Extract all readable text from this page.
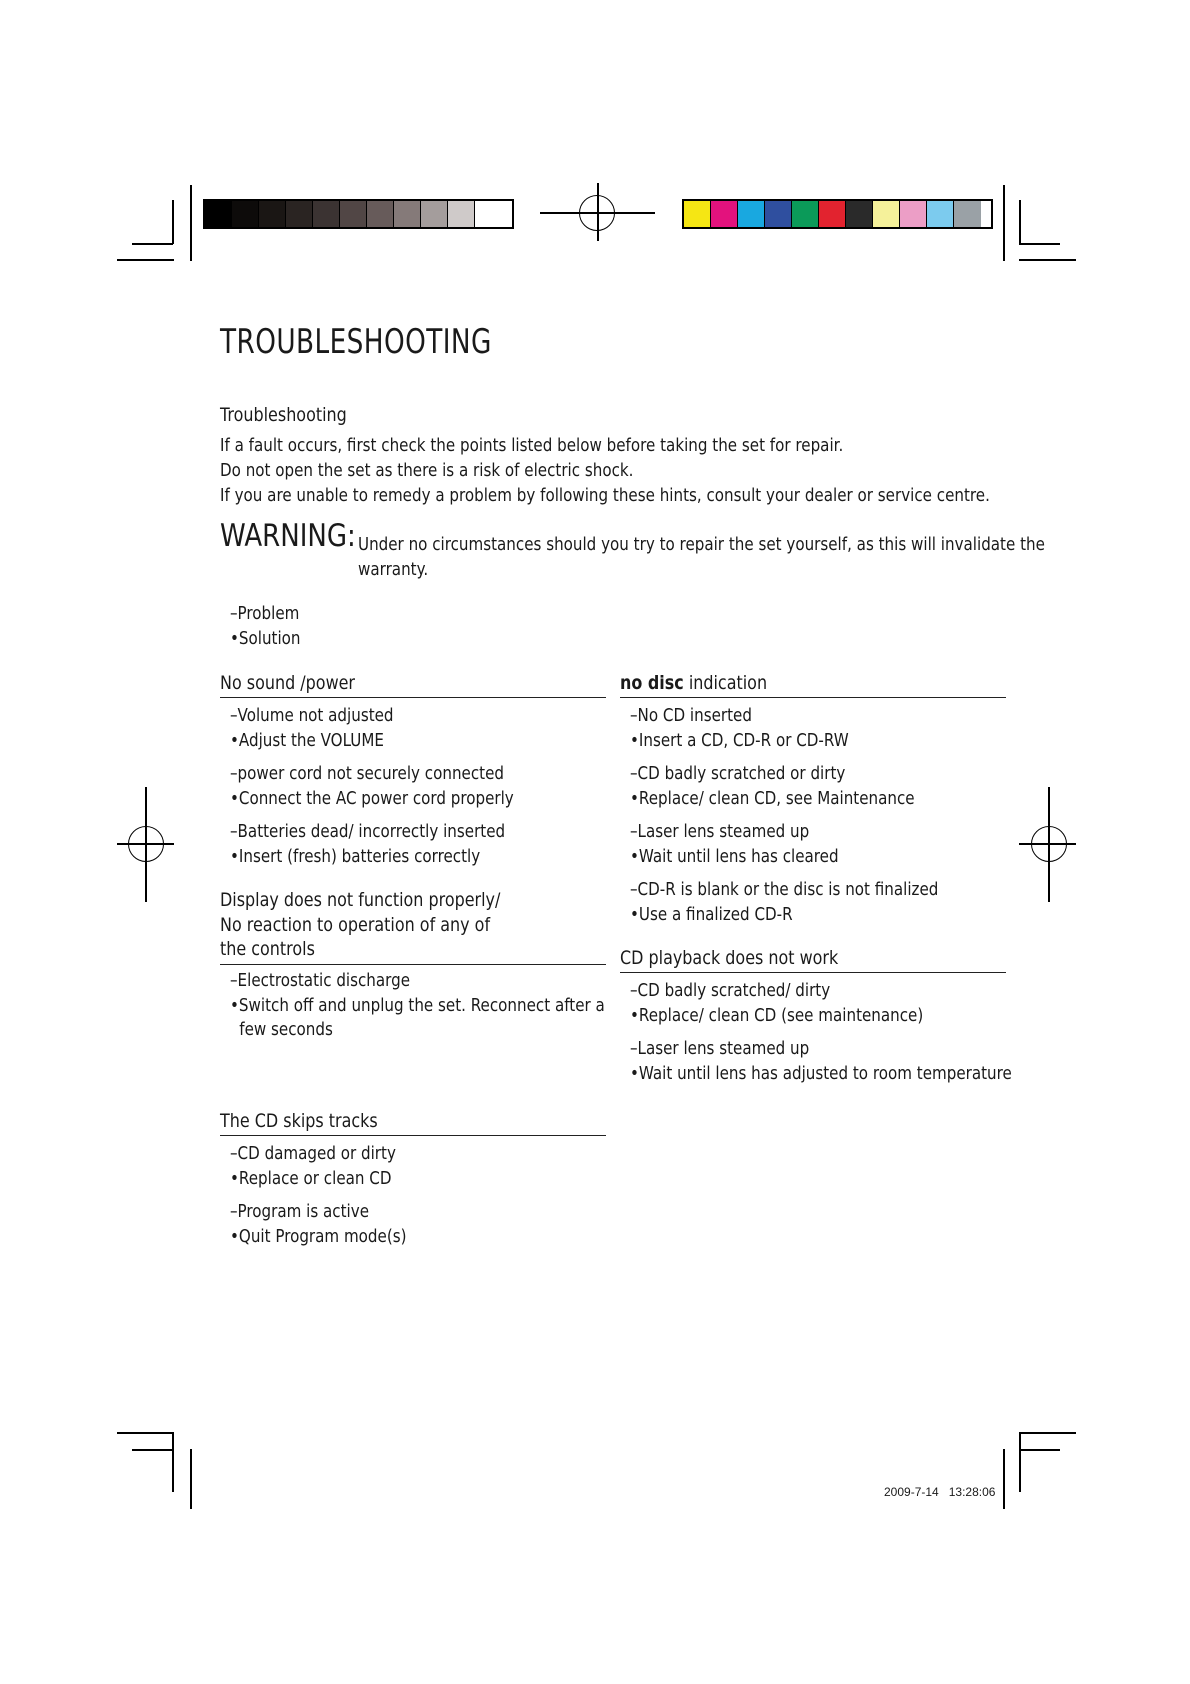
TROUBLESHOOTING
Troubleshooting
If a fault occurs, first check the points listed below before taking the set for repair.
Do not open the set as there is a risk of electric shock.
If you are unable to remedy a problem by following these hints, consult your dealer or service centre.
WARNING: Under no circumstances should you try to repair the set yourself, as this will invalidate the
warranty.
–Problem
•Solution
No sound /power
–Volume not adjusted
•Adjust the VOLUME
–power cord not securely connected
•Connect the AC power cord properly
–Batteries dead/ incorrectly inserted
•Insert (fresh) batteries correctly
Display does not function properly/
No reaction to operation of any of
the controls
–Electrostatic discharge
•Switch off and unplug the set. Reconnect after a
few seconds
The CD skips tracks
–CD damaged or dirty
•Replace or clean CD
–Program is active
•Quit Program mode(s)
no disc indication
–No CD inserted
•Insert a CD, CD-R or CD-RW
–CD badly scratched or dirty
•Replace/ clean CD, see Maintenance
–Laser lens steamed up
•Wait until lens has cleared
–CD-R is blank or the disc is not finalized
•Use a finalized CD-R
CD playback does not work
–CD badly scratched/ dirty
•Replace/ clean CD (see maintenance)
–Laser lens steamed up
•Wait until lens has adjusted to room temperature
2009-7-14 13:28:06
